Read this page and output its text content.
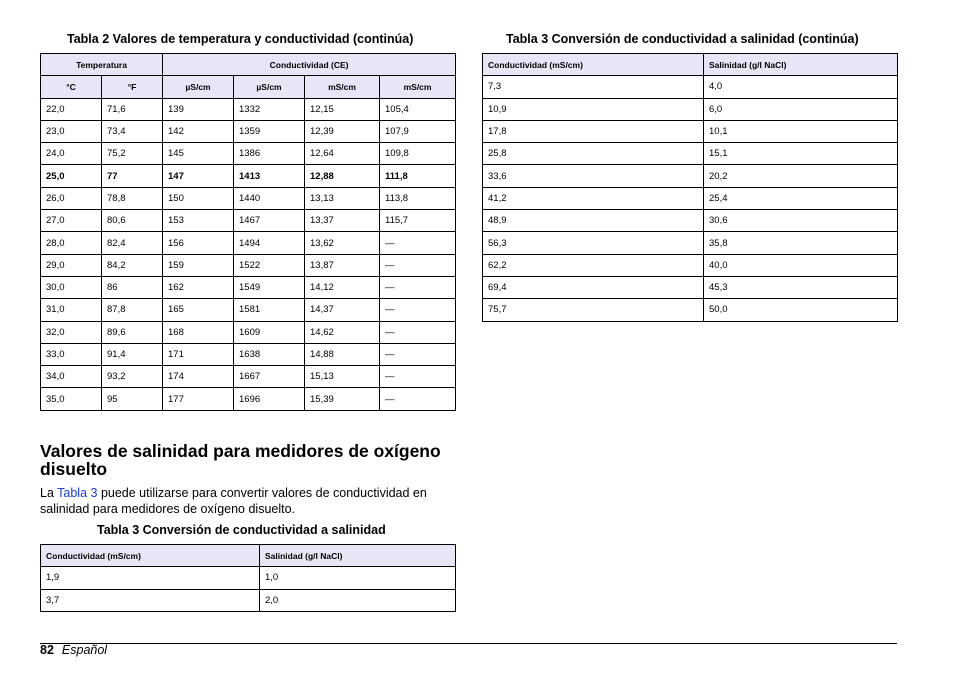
Tabla 2 Valores de temperatura y conductividad (continúa)
Temperatura		Conductividad (CE)			
°C	°F	µS/cm	µS/cm	mS/cm	mS/cm
22,0	71,6	139	1332	12,15	105,4
23,0	73,4	142	1359	12,39	107,9
24,0	75,2	145	1386	12,64	109,8
25,0	77	147	1413	12,88	111,8
26,0	78,8	150	1440	13,13	113,8
27,0	80,6	153	1467	13,37	115,7
28,0	82,4	156	1494	13,62	—
29,0	84,2	159	1522	13,87	—
30,0	86	162	1549	14,12	—
31,0	87,8	165	1581	14,37	—
32,0	89,6	168	1609	14,62	—
33,0	91,4	171	1638	14,88	—
34,0	93,2	174	1667	15,13	—
35,0	95	177	1696	15,39	—
Valores de salinidad para medidores de oxígeno disuelto

La Tabla 3 puede utilizarse para convertir valores de conductividad en salinidad para medidores de oxígeno disuelto.

Tabla 3 Conversión de conductividad a salinidad
Conductividad (mS/cm)	Salinidad (g/l NaCl)
1,9	1,0
3,7	2,0
Tabla 3 Conversión de conductividad a salinidad (continúa)
Conductividad (mS/cm)	Salinidad (g/l NaCl)
7,3	4,0
10,9	6,0
17,8	10,1
25,8	15,1
33,6	20,2
41,2	25,4
48,9	30,6
56,3	35,8
62,2	40,0
69,4	45,3
75,7	50,0
82 Español
